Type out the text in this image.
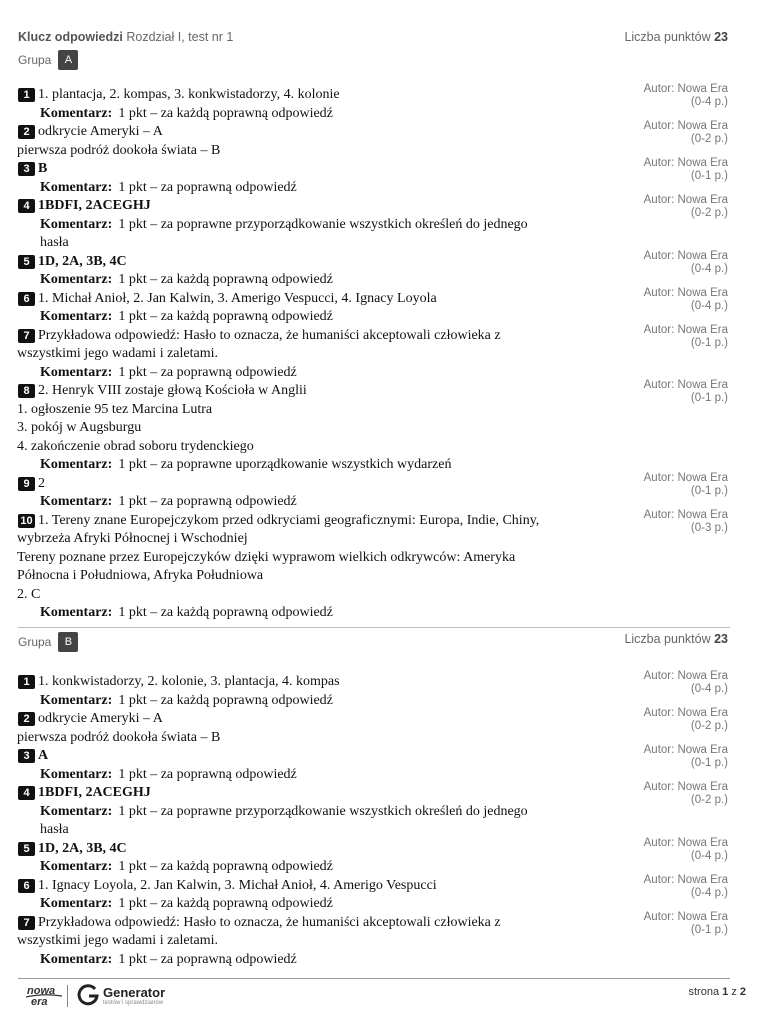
Klucz odpowiedzi Rozdział I, test nr 1	Liczba punktów 23
Grupa	A
1 1. plantacja, 2. kompas, 3. konkwistadorzy, 4. kolonie
Komentarz: 1 pkt – za każdą poprawną odpowiedź
Autor: Nowa Era
(0-4 p.)
2 odkrycie Ameryki – A
pierwsza podróż dookoła świata – B
Autor: Nowa Era
(0-2 p.)
3 B
Komentarz: 1 pkt – za poprawną odpowiedź
Autor: Nowa Era
(0-1 p.)
4 1BDFI, 2ACEGHJ
Komentarz: 1 pkt – za poprawne przyporządkowanie wszystkich określeń do jednego
hasła
Autor: Nowa Era
(0-2 p.)
5 1D, 2A, 3B, 4C
Komentarz: 1 pkt – za każdą poprawną odpowiedź
Autor: Nowa Era
(0-4 p.)
6 1. Michał Anioł, 2. Jan Kalwin, 3. Amerigo Vespucci, 4. Ignacy Loyola
Komentarz: 1 pkt – za każdą poprawną odpowiedź
Autor: Nowa Era
(0-4 p.)
7 Przykładowa odpowiedź: Hasło to oznacza, że humaniści akceptowali człowieka z
wszystkimi jego wadami i zaletami.
Komentarz: 1 pkt – za poprawną odpowiedź
Autor: Nowa Era
(0-1 p.)
8 2. Henryk VIII zostaje głową Kościoła w Anglii
1. ogłoszenie 95 tez Marcina Lutra
3. pokój w Augsburgu
4. zakończenie obrad soboru trydenckiego
Komentarz: 1 pkt – za poprawne uporządkowanie wszystkich wydarzeń
Autor: Nowa Era
(0-1 p.)
9 2
Komentarz: 1 pkt – za poprawną odpowiedź
Autor: Nowa Era
(0-1 p.)
10 1. Tereny znane Europejczykom przed odkryciami geograficznymi: Europa, Indie, Chiny,
wybrzeża Afryki Północnej i Wschodniej
Tereny poznane przez Europejczyków dzięki wyprawom wielkich odkrywców: Ameryka
Północna i Południowa, Afryka Południowa
2. C
Komentarz: 1 pkt – za każdą poprawną odpowiedź
Autor: Nowa Era
(0-3 p.)
Grupa	B	Liczba punktów 23
1 1. konkwistadorzy, 2. kolonie, 3. plantacja, 4. kompas
Komentarz: 1 pkt – za każdą poprawną odpowiedź
Autor: Nowa Era
(0-4 p.)
2 odkrycie Ameryki – A
pierwsza podróż dookoła świata – B
Autor: Nowa Era
(0-2 p.)
3 A
Komentarz: 1 pkt – za poprawną odpowiedź
Autor: Nowa Era
(0-1 p.)
4 1BDFI, 2ACEGHJ
Komentarz: 1 pkt – za poprawne przyporządkowanie wszystkich określeń do jednego
hasła
Autor: Nowa Era
(0-2 p.)
5 1D, 2A, 3B, 4C
Komentarz: 1 pkt – za każdą poprawną odpowiedź
Autor: Nowa Era
(0-4 p.)
6 1. Ignacy Loyola, 2. Jan Kalwin, 3. Michał Anioł, 4. Amerigo Vespucci
Komentarz: 1 pkt – za każdą poprawną odpowiedź
Autor: Nowa Era
(0-4 p.)
7 Przykładowa odpowiedź: Hasło to oznacza, że humaniści akceptowali człowieka z
wszystkimi jego wadami i zaletami.
Komentarz: 1 pkt – za poprawną odpowiedź
Autor: Nowa Era
(0-1 p.)
nowa
era
Generator
testów i sprawdzianów
strona 1 z 2
